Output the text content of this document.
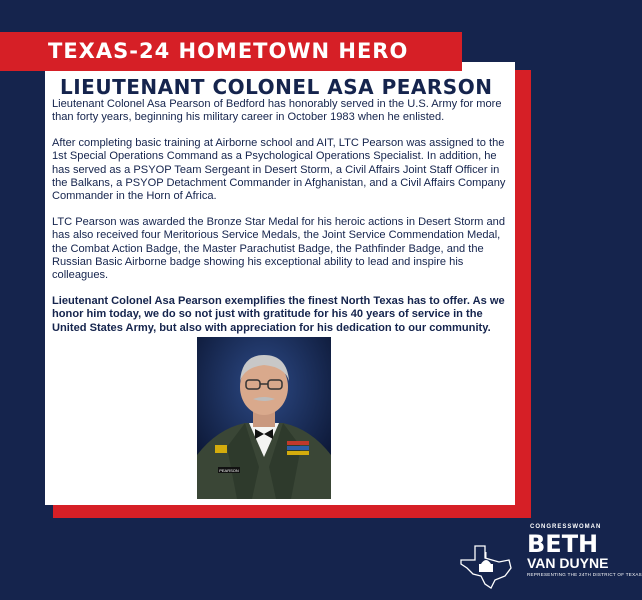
TEXAS-24 HOMETOWN HERO
LIEUTENANT COLONEL ASA PEARSON

Lieutenant Colonel Asa Pearson of Bedford has honorably served in the U.S. Army for more than forty years, beginning his military career in October 1983 when he enlisted.

After completing basic training at Airborne school and AIT, LTC Pearson was assigned to the 1st Special Operations Command as a Psychological Operations Specialist. In addition, he has served as a PSYOP Team Sergeant in Desert Storm, a Civil Affairs Joint Staff Officer in the Balkans, a PSYOP Detachment Commander in Afghanistan, and a Civil Affairs Company Commander in the Horn of Africa.

LTC Pearson was awarded the Bronze Star Medal for his heroic actions in Desert Storm and has also received four Meritorious Service Medals, the Joint Service Commendation Medal, the Combat Action Badge, the Master Parachutist Badge, the Pathfinder Badge, and the Russian Basic Airborne badge showing his exceptional ability to lead and inspire his colleagues.

Lieutenant Colonel Asa Pearson exemplifies the finest North Texas has to offer. As we honor him today, we do so not just with gratitude for his 40 years of service in the United States Army, but also with appreciation for his dedication to our community.

PEARSON
CONGRESSWOMAN
BETH
VAN DUYNE
REPRESENTING THE 24TH DISTRICT OF TEXAS
